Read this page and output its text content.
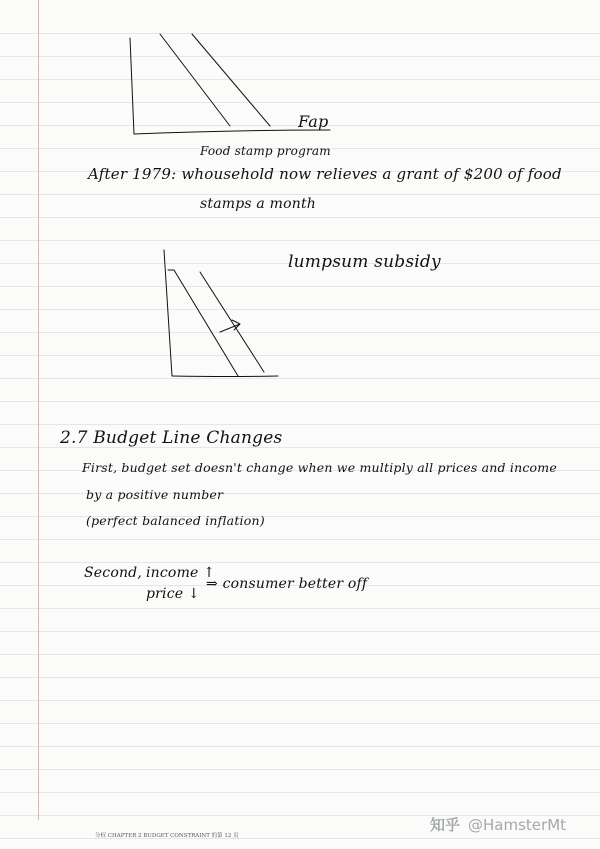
Fap

Food stamp program

After 1979: whousehold now relieves a grant of $200 of food

stamps a month

lumpsum subsidy

2.7 Budget Line Changes

First, budget set doesn't change when we multiply all prices and income

by a positive number

(perfect balanced inflation)

Second, income ↑

price ↓

⇒ consumer better off

分权 CHAPTER 2 BUDGET CONSTRAINT 的第 12 页
知乎 @HamsterMt
